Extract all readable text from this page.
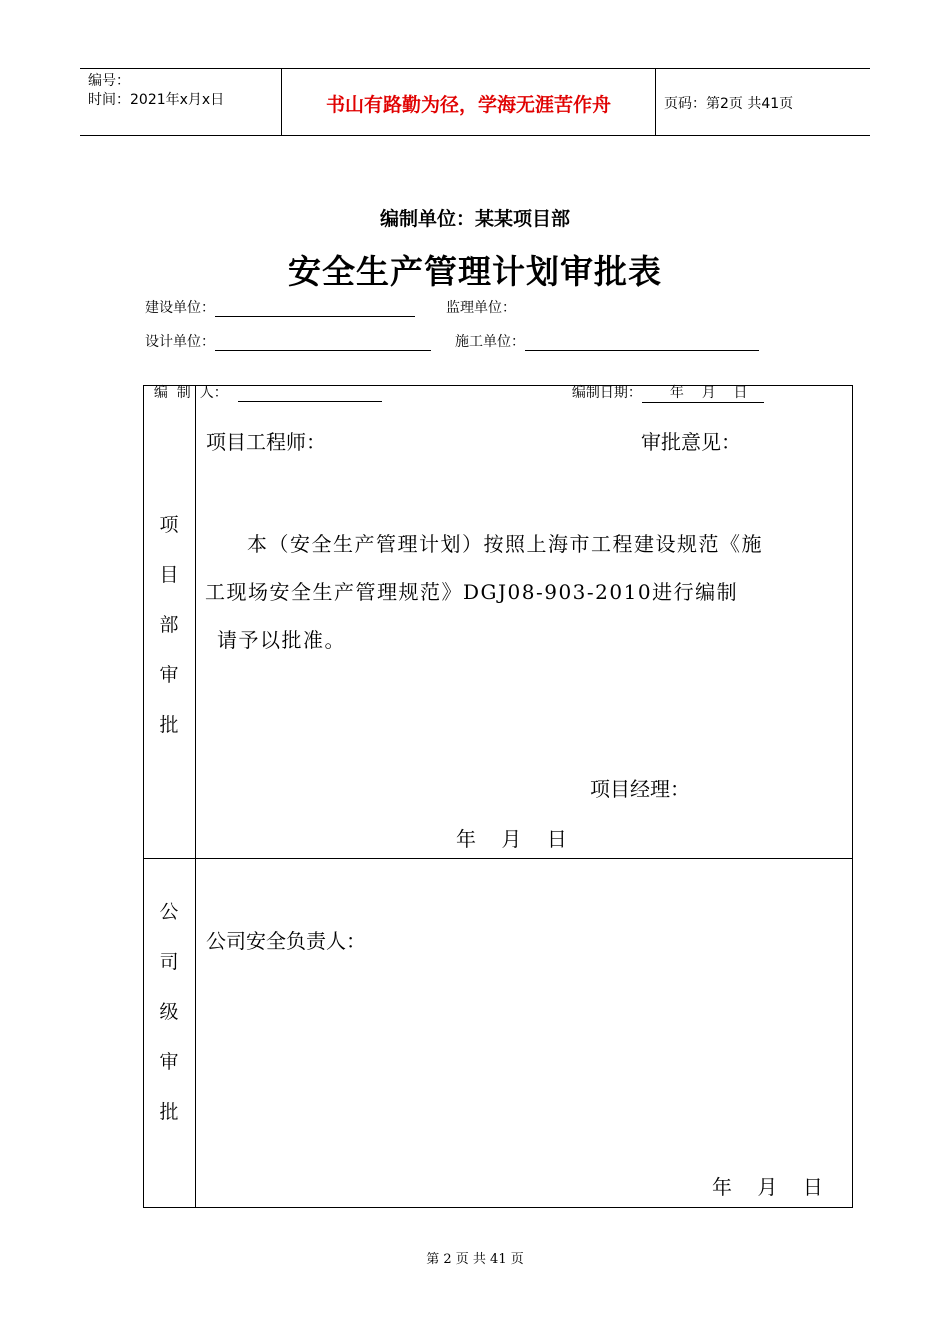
编号：
时间：2021年x月x日	书山有路勤为径，学海无涯苦作舟	页码：第2页 共41页
编制单位：某某项目部
安全生产管理计划审批表
建设单位：	监理单位：
设计单位：	施工单位：

编  制  人：	编制日期： 年    月    日

项
目
部
审
批
项目工程师：	审批意见：
本（安全生产管理计划）按照上海市工程建设规范《施
工现场安全生产管理规范》DGJ08-903-2010进行编制
请予以批准。
项目经理：
年    月    日
公
司
级
审
批
公司安全负责人：
年    月    日
第 2 页 共 41 页
